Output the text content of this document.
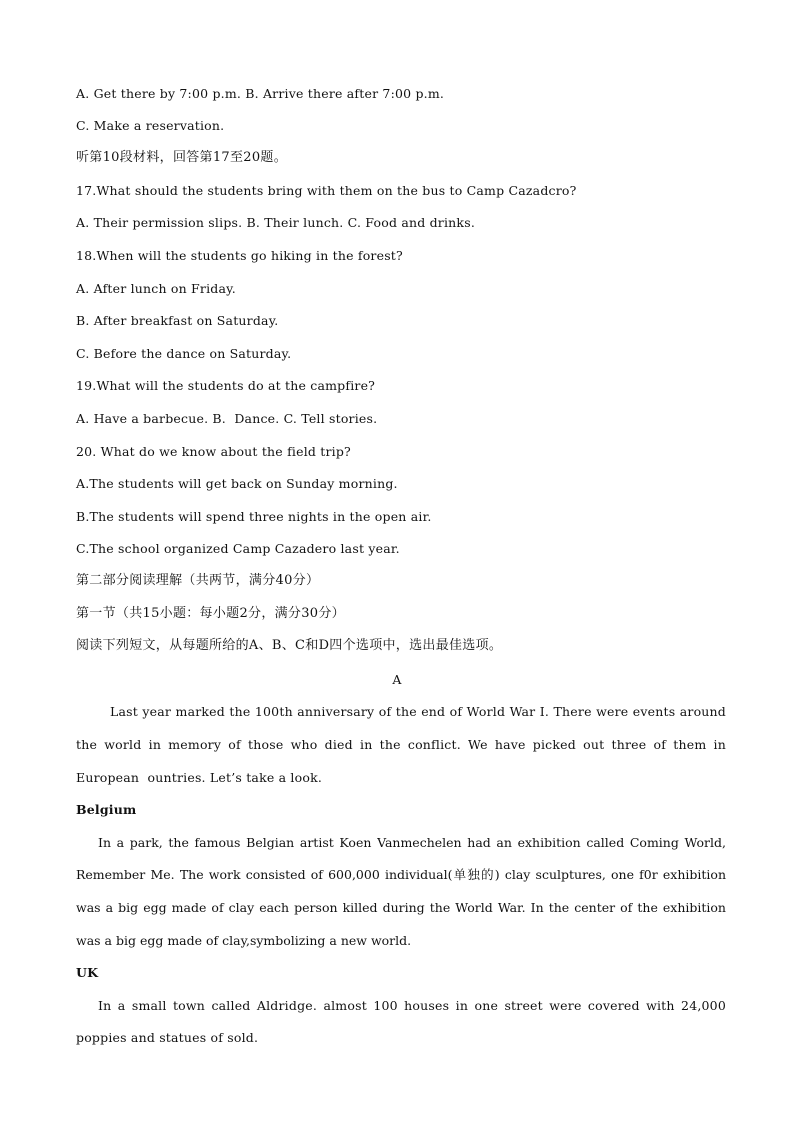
A. Get there by 7:00 p.m. B. Arrive there after 7:00 p.m.
C. Make a reservation.
听第10段材料，回答第17至20题。
17.What should the students bring with them on the bus to Camp Cazadcro?
A. Their permission slips. B. Their lunch. C. Food and drinks.
18.When will the students go hiking in the forest?
A. After lunch on Friday.
B. After breakfast on Saturday.
C. Before the dance on Saturday.
19.What will the students do at the campfire?
A. Have a barbecue. B.  Dance. C. Tell stories.
20. What do we know about the field trip?
A.The students will get back on Sunday morning.
B.The students will spend three nights in the open air.
C.The school organized Camp Cazadero last year.
第二部分阅读理解（共两节，满分40分）
第一节（共15小题：每小题2分，满分30分）
阅读下列短文，从每题所给的A、B、C和D四个选项中，选出最佳选项。
A
Last year marked the 100th anniversary of the end of World War I. There were events around
the world in memory of those who died in the conflict. We have picked out three of them in
European  ountries. Let’s take a look.
Belgium
In a park, the famous Belgian artist Koen Vanmechelen had an exhibition called Coming World,
Remember Me. The work consisted of 600,000 individual(单独的) clay sculptures, one f0r exhibition
was a big egg made of clay each person killed during the World War. In the center of the exhibition
was a big egg made of clay,symbolizing a new world.
UK
In a small town called Aldridge. almost 100 houses in one street were covered with 24,000
poppies and statues of sold.
